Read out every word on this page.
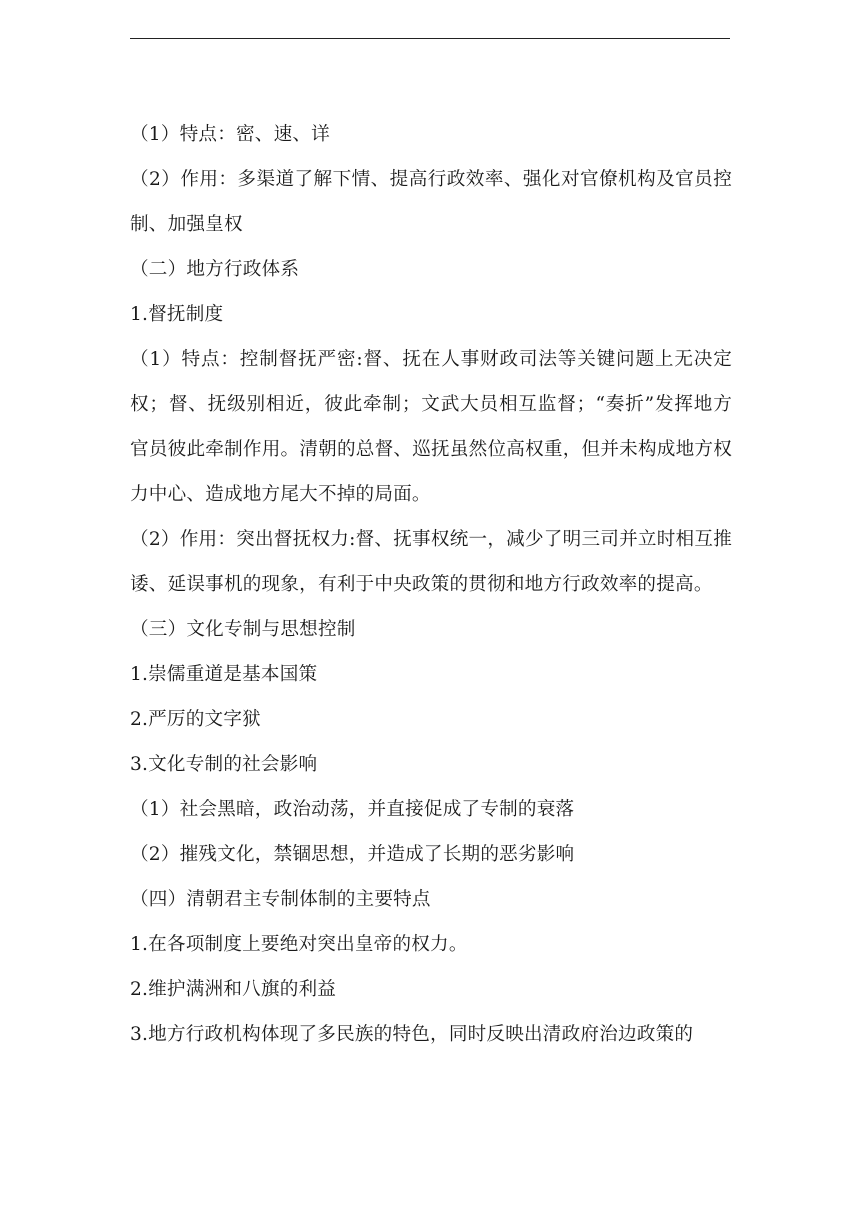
（1）特点：密、速、详

（2）作用：多渠道了解下情、提高行政效率、强化对官僚机构及官员控制、加强皇权

（二）地方行政体系

1.督抚制度

（1）特点：控制督抚严密:督、抚在人事财政司法等关键问题上无决定权；督、抚级别相近，彼此牵制；文武大员相互监督；“奏折”发挥地方官员彼此牵制作用。清朝的总督、巡抚虽然位高权重，但并未构成地方权力中心、造成地方尾大不掉的局面。

（2）作用：突出督抚权力:督、抚事权统一，减少了明三司并立时相互推诿、延误事机的现象，有利于中央政策的贯彻和地方行政效率的提高。

（三）文化专制与思想控制

1.崇儒重道是基本国策

2.严厉的文字狱

3.文化专制的社会影响

（1）社会黑暗，政治动荡，并直接促成了专制的衰落

（2）摧残文化，禁锢思想，并造成了长期的恶劣影响

（四）清朝君主专制体制的主要特点

1.在各项制度上要绝对突出皇帝的权力。

2.维护满洲和八旗的利益

3.地方行政机构体现了多民族的特色，同时反映出清政府治边政策的
